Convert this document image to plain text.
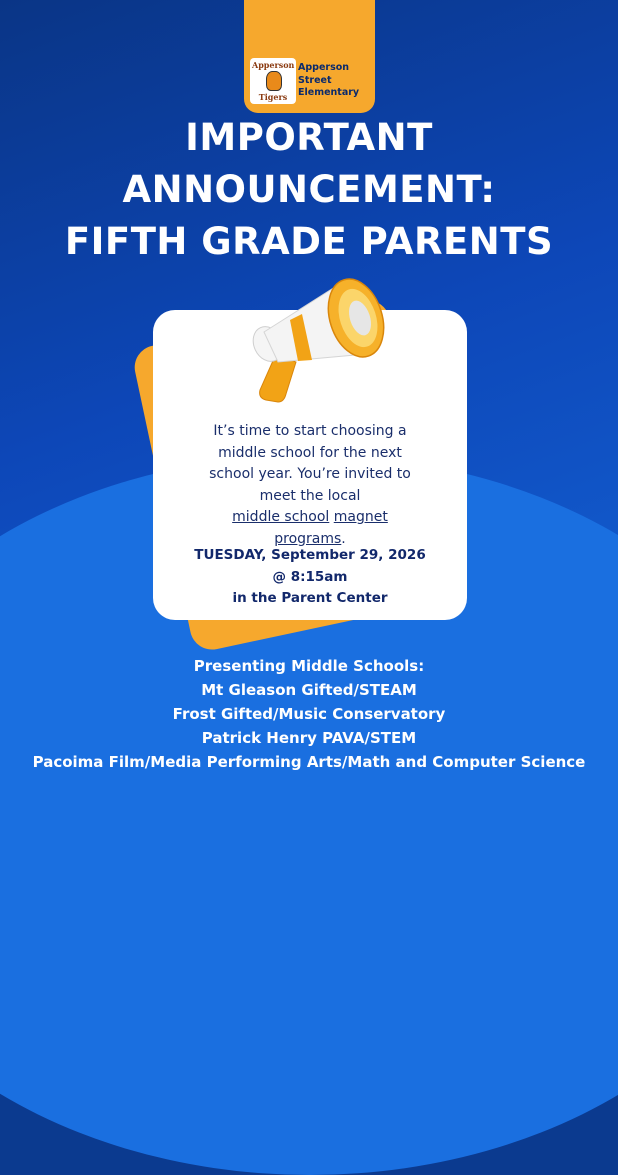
Apperson
Tigers
Apperson
Street
Elementary
IMPORTANT
ANNOUNCEMENT:
FIFTH GRADE PARENTS
It’s time to start choosing a
middle school for the next
school year. You’re invited to
meet the local
middle school magnet
programs.
TUESDAY, September 29, 2026
@ 8:15am
in the Parent Center
Presenting Middle Schools:
Mt Gleason Gifted/STEAM
Frost Gifted/Music Conservatory
Patrick Henry PAVA/STEM
Pacoima Film/Media Performing Arts/Math and Computer Science
